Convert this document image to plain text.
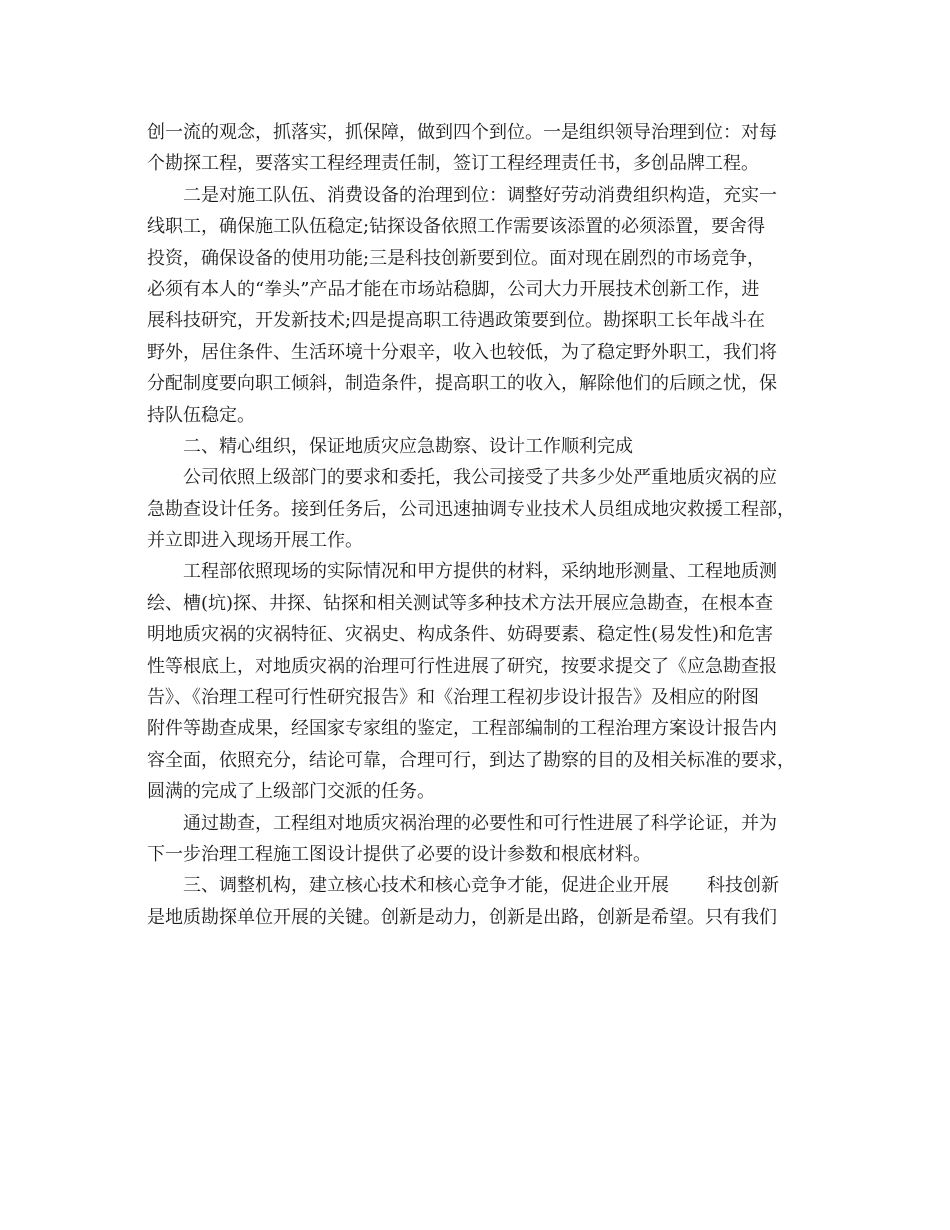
创一流的观念，抓落实，抓保障，做到四个到位。一是组织领导治理到位：对每
个勘探工程，要落实工程经理责任制，签订工程经理责任书，多创品牌工程。
二是对施工队伍、消费设备的治理到位：调整好劳动消费组织构造，充实一
线职工，确保施工队伍稳定;钻探设备依照工作需要该添置的必须添置，要舍得
投资，确保设备的使用功能;三是科技创新要到位。面对现在剧烈的市场竞争，
必须有本人的“拳头”产品才能在市场站稳脚，公司大力开展技术创新工作，进
展科技研究，开发新技术;四是提高职工待遇政策要到位。勘探职工长年战斗在
野外，居住条件、生活环境十分艰辛，收入也较低，为了稳定野外职工，我们将
分配制度要向职工倾斜，制造条件，提高职工的收入，解除他们的后顾之忧，保
持队伍稳定。
二、精心组织，保证地质灾应急勘察、设计工作顺利完成
公司依照上级部门的要求和委托，我公司接受了共多少处严重地质灾祸的应
急勘查设计任务。接到任务后，公司迅速抽调专业技术人员组成地灾救援工程部，
并立即进入现场开展工作。
工程部依照现场的实际情况和甲方提供的材料，采纳地形测量、工程地质测
绘、槽(坑)探、井探、钻探和相关测试等多种技术方法开展应急勘查，在根本查
明地质灾祸的灾祸特征、灾祸史、构成条件、妨碍要素、稳定性(易发性)和危害
性等根底上，对地质灾祸的治理可行性进展了研究，按要求提交了《应急勘查报
告》、《治理工程可行性研究报告》和《治理工程初步设计报告》及相应的附图
附件等勘查成果，经国家专家组的鉴定，工程部编制的工程治理方案设计报告内
容全面，依照充分，结论可靠，合理可行，到达了勘察的目的及相关标准的要求，
圆满的完成了上级部门交派的任务。
通过勘查，工程组对地质灾祸治理的必要性和可行性进展了科学论证，并为
下一步治理工程施工图设计提供了必要的设计参数和根底材料。
三、调整机构，建立核心技术和核心竞争才能，促进企业开展 科技创新
是地质勘探单位开展的关键。创新是动力，创新是出路，创新是希望。只有我们
